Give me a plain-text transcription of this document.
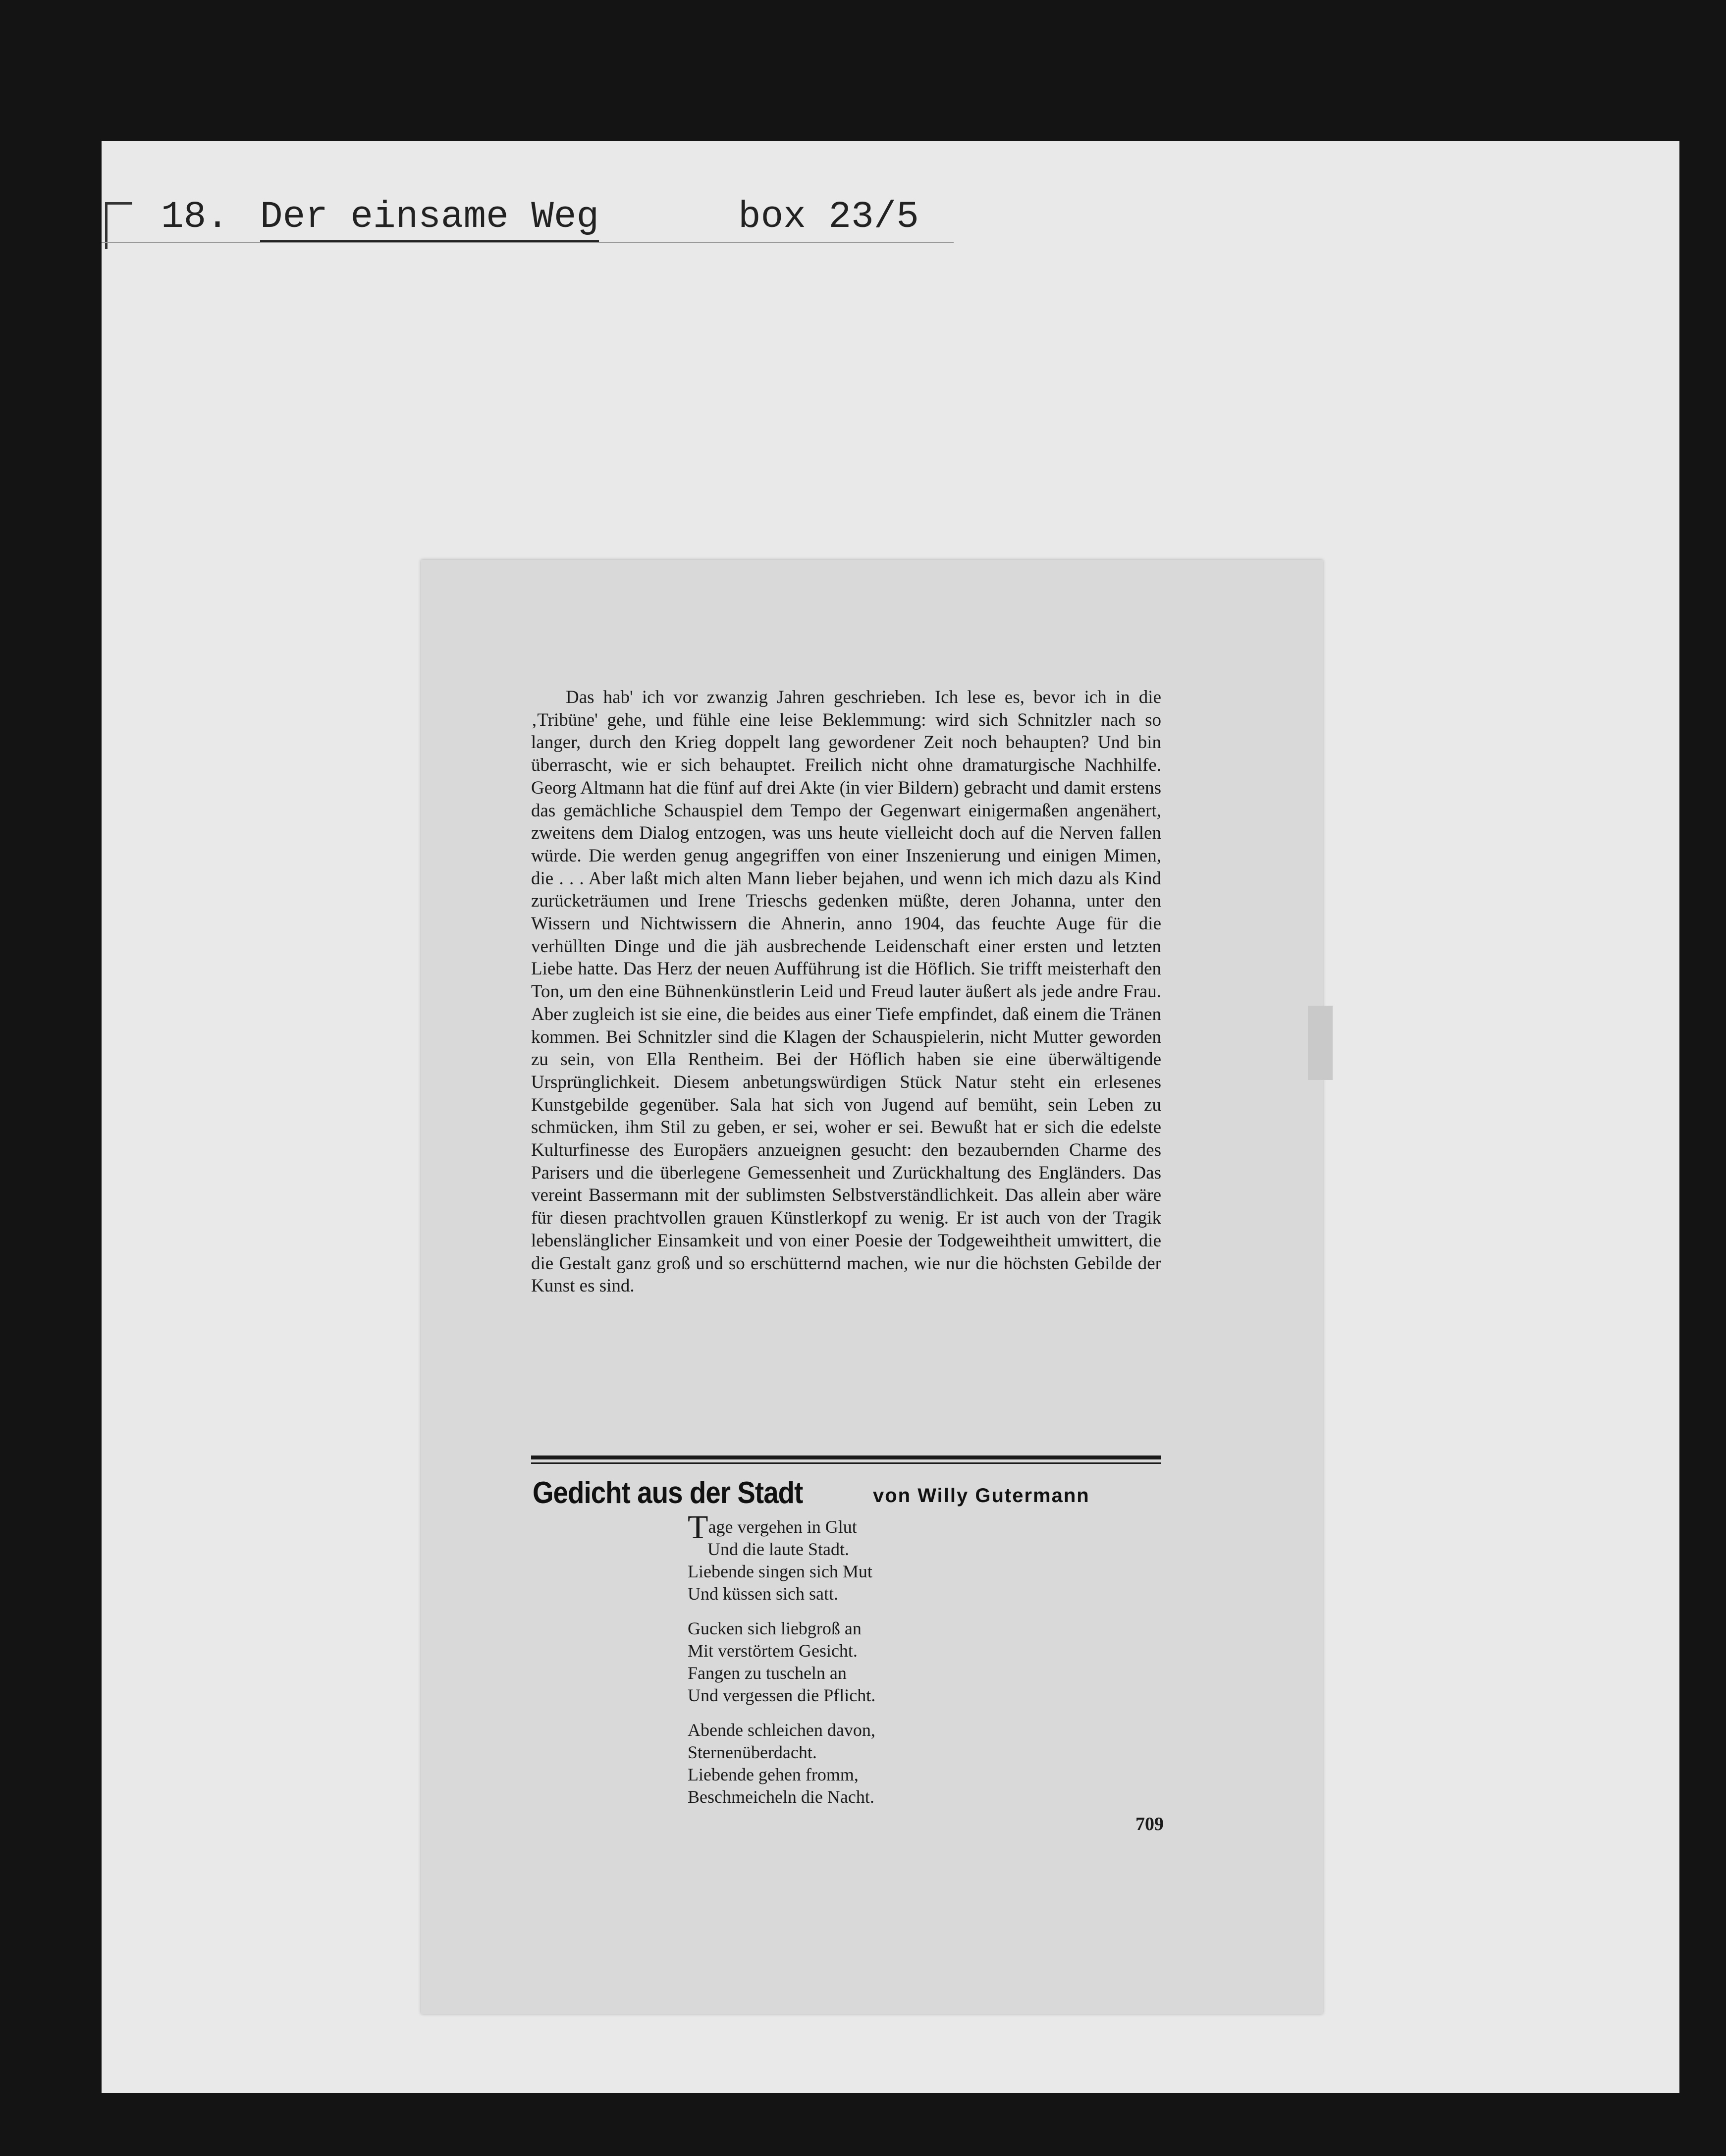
18. Der einsame Weg	box 23/5

Das hab' ich vor zwanzig Jahren geschrieben. Ich lese es, bevor ich in die ‚Tribüne' gehe, und fühle eine leise Beklemmung: wird sich Schnitzler nach so langer, durch den Krieg doppelt lang gewordener Zeit noch behaupten? Und bin überrascht, wie er sich behauptet. Freilich nicht ohne dramaturgische Nachhilfe. Georg Altmann hat die fünf auf drei Akte (in vier Bildern) gebracht und damit erstens das gemächliche Schauspiel dem Tempo der Gegenwart einigermaßen angenähert, zweitens dem Dialog entzogen, was uns heute vielleicht doch auf die Nerven fallen würde. Die werden genug angegriffen von einer Inszenierung und einigen Mimen, die . . . Aber laßt mich alten Mann lieber bejahen, und wenn ich mich dazu als Kind zurücketräumen und Irene Trieschs gedenken müßte, deren Johanna, unter den Wissern und Nichtwissern die Ahnerin, anno 1904, das feuchte Auge für die verhüllten Dinge und die jäh ausbrechende Leidenschaft einer ersten und letzten Liebe hatte. Das Herz der neuen Aufführung ist die Höflich. Sie trifft meisterhaft den Ton, um den eine Bühnenkünstlerin Leid und Freud lauter äußert als jede andre Frau. Aber zugleich ist sie eine, die beides aus einer Tiefe empfindet, daß einem die Tränen kommen. Bei Schnitzler sind die Klagen der Schauspielerin, nicht Mutter geworden zu sein, von Ella Rentheim. Bei der Höflich haben sie eine überwältigende Ursprünglichkeit. Diesem anbetungswürdigen Stück Natur steht ein erlesenes Kunstgebilde gegenüber. Sala hat sich von Jugend auf bemüht, sein Leben zu schmücken, ihm Stil zu geben, er sei, woher er sei. Bewußt hat er sich die edelste Kulturfinesse des Europäers anzueignen gesucht: den bezaubernden Charme des Parisers und die überlegene Gemessenheit und Zurückhaltung des Engländers. Das vereint Bassermann mit der sublimsten Selbstverständlichkeit. Das allein aber wäre für diesen prachtvollen grauen Künstlerkopf zu wenig. Er ist auch von der Tragik lebenslänglicher Einsamkeit und von einer Poesie der Todgeweihtheit umwittert, die die Gestalt ganz groß und so erschütternd machen, wie nur die höchsten Gebilde der Kunst es sind.

Gedicht aus der Stadt	von Willy Gutermann
Tage vergehen in Glut
Und die laute Stadt.
Liebende singen sich Mut
Und küssen sich satt.
Gucken sich liebgroß an
Mit verstörtem Gesicht.
Fangen zu tuscheln an
Und vergessen die Pflicht.
Abende schleichen davon,
Sternenüberdacht.
Liebende gehen fromm,
Beschmeicheln die Nacht.
709
